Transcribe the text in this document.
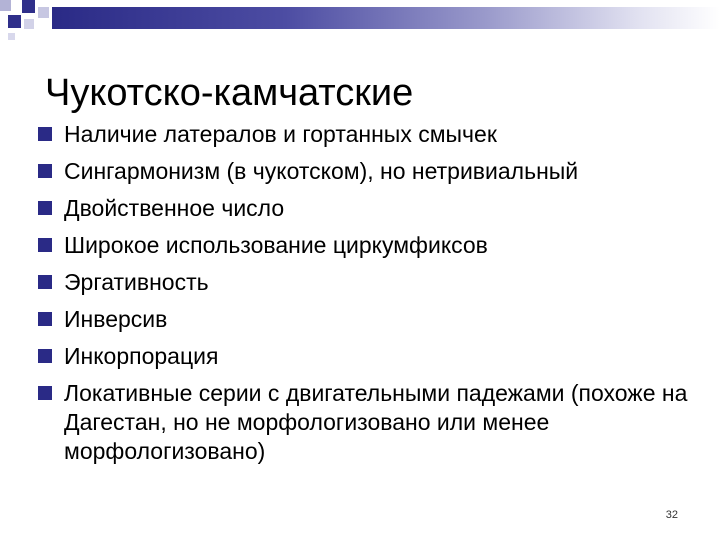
Чукотско-камчатские
Наличие латералов и гортанных смычек
Сингармонизм (в чукотском), но нетривиальный
Двойственное число
Широкое использование циркумфиксов
Эргативность
Инверсив
Инкорпорация
Локативные серии с двигательными падежами (похоже на Дагестан, но не морфологизовано или менее морфологизовано)
32
